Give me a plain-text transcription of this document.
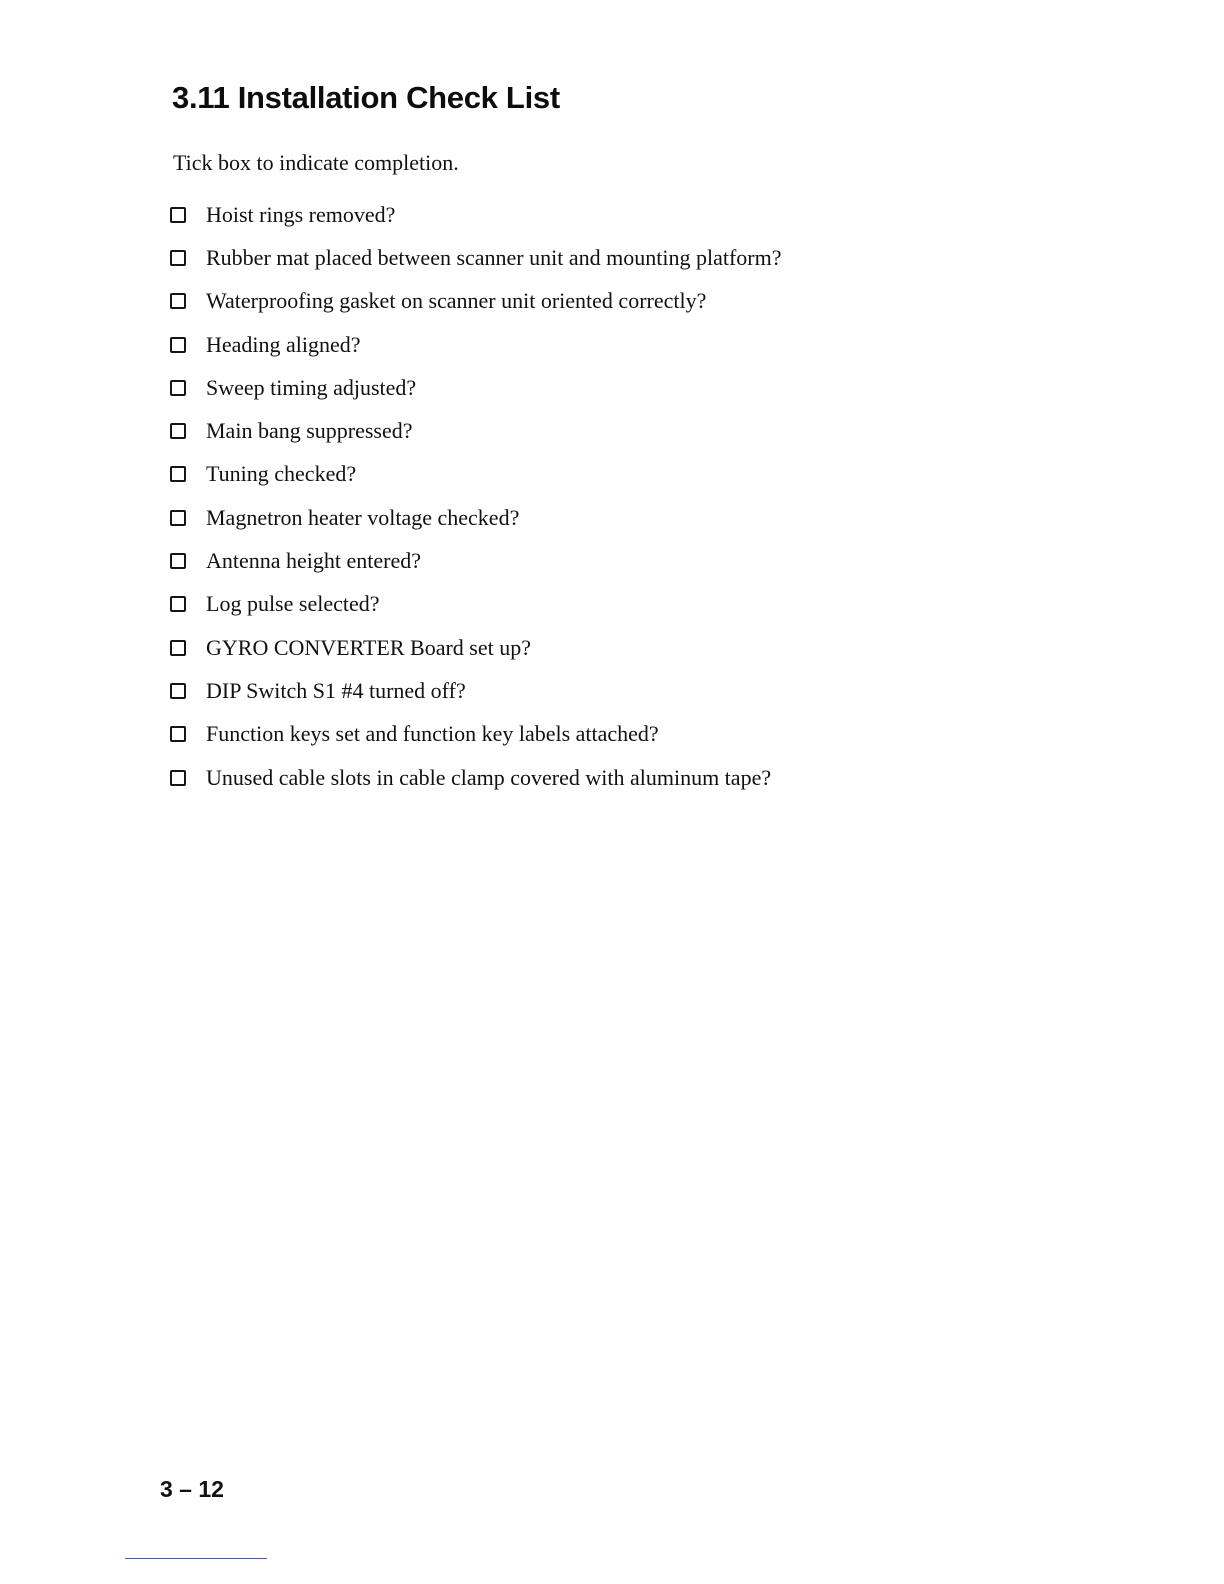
3.11 Installation Check List

Tick box to indicate completion.

Hoist rings removed?
Rubber mat placed between scanner unit and mounting platform?
Waterproofing gasket on scanner unit oriented correctly?
Heading aligned?
Sweep timing adjusted?
Main bang suppressed?
Tuning checked?
Magnetron heater voltage checked?
Antenna height entered?
Log pulse selected?
GYRO CONVERTER Board set up?
DIP Switch S1 #4 turned off?
Function keys set and function key labels attached?
Unused cable slots in cable clamp covered with aluminum tape?

3 – 12
